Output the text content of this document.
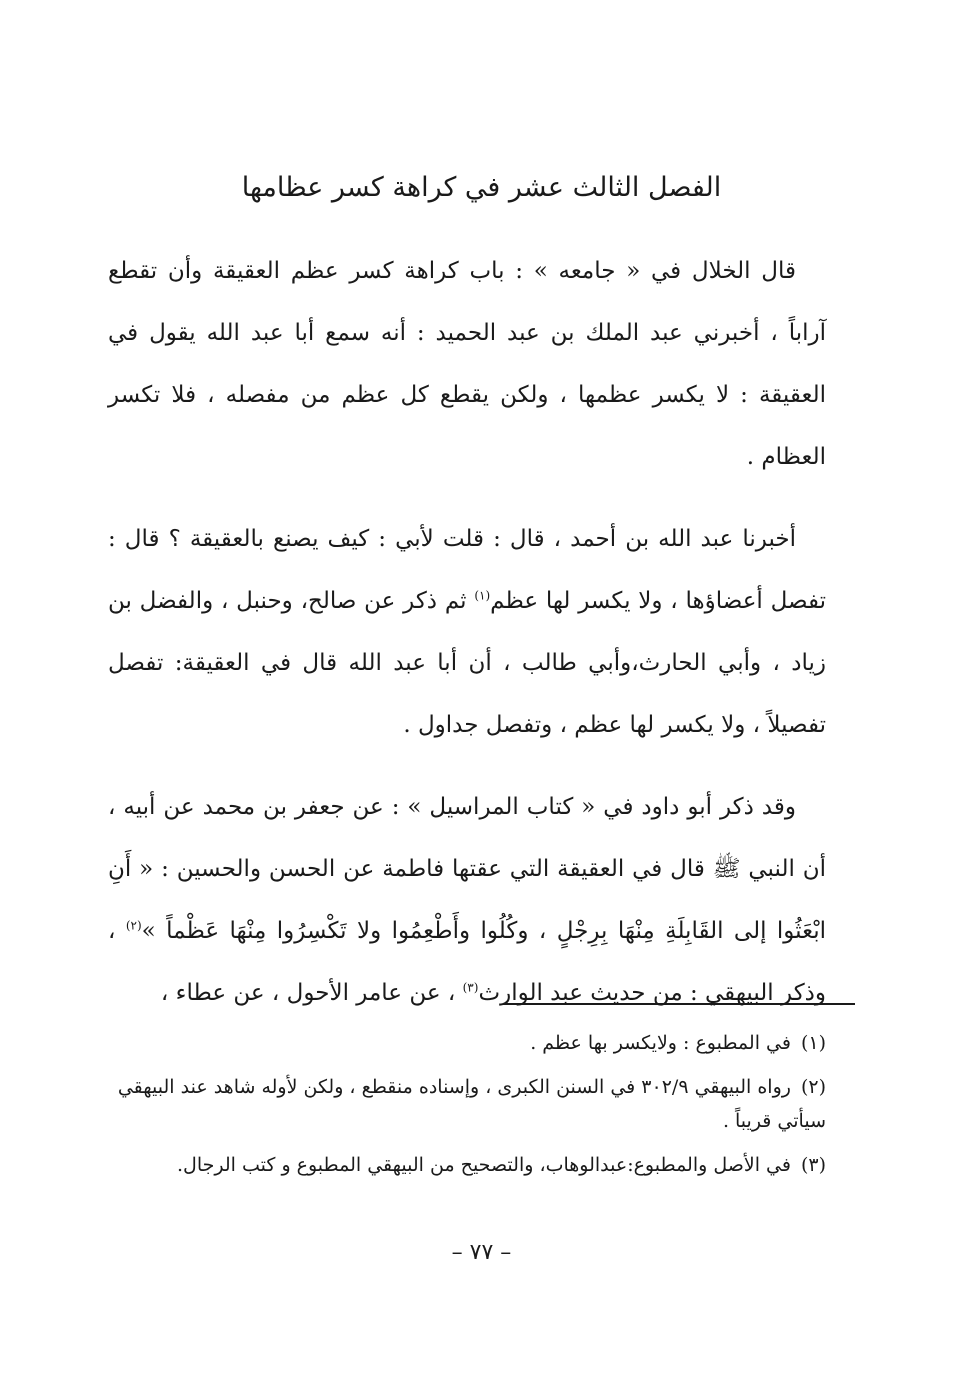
الفصل الثالث عشر في كراهة كسر عظامها

قال الخلال في « جامعه » : باب كراهة كسر عظم العقيقة وأن تقطع آراباً ، أخبرني عبد الملك بن عبد الحميد : أنه سمع أبا عبد الله يقول في العقيقة : لا يكسر عظمها ، ولكن يقطع كل عظم من مفصله ، فلا تكسر العظام .

أخبرنا عبد الله بن أحمد ، قال : قلت لأبي : كيف يصنع بالعقيقة ؟ قال : تفصل أعضاؤها ، ولا يكسر لها عظم$^{(١)}$ ثم ذكر عن صالح، وحنبل ، والفضل بن زياد ، وأبي الحارث،وأبي طالب ، أن أبا عبد الله قال في العقيقة: تفصل تفصيلاً ، ولا يكسر لها عظم ، وتفصل جداول .

وقد ذكر أبو داود في « كتاب المراسيل » : عن جعفر بن محمد عن أبيه ، أن النبي ﷺ قال في العقيقة التي عقتها فاطمة عن الحسن والحسين : « أَنِ ابْعَثُوا إلى القَابِلَةِ مِنْهَا بِرِجْلٍ ، وكُلُوا وأَطْعِمُوا ولا تَكْسِرُوا مِنْهَا عَظْماً »$^{(٢)}$ ، وذكر البيهقي : من حديث عبد الوارث$^{(٣)}$ ، عن عامر الأحول ، عن عطاء ،

(١)في المطبوع : ولايكسر بها عظم .
(٢)رواه البيهقي ٣٠٢/٩ في السنن الكبرى ، وإسناده منقطع ، ولكن لأوله شاهد عند البيهقي سيأتي قريباً .
(٣)في الأصل والمطبوع:عبدالوهاب، والتصحيح من البيهقي المطبوع و كتب الرجال.
– ٧٧ –
